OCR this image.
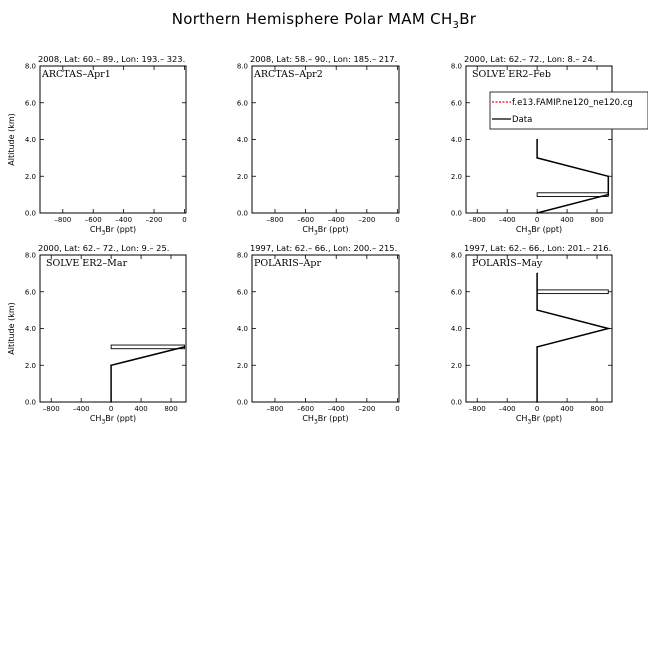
Northern Hemisphere Polar MAM $CH_3Br$
2008, Lat: 60.– 89., Lon: 193.– 323.
0.0
2.0
4.0
6.0
8.0
–800 –600 –400 –200	0
$CH_3Br$ (ppt)
Altitude (km)
ARCTAS–Apr1
2008, Lat: 58.– 90., Lon: 185.– 217.
0.0
2.0
4.0
6.0
8.0
–800 –600 –400 –200	0
$CH_3Br$ (ppt)
ARCTAS–Apr2
2000, Lat: 62.– 72., Lon: 8.– 24.
0.0
2.0
4.0
6.0
8.0
–800 –400	0	400 800
$CH_3Br$ (ppt)
SOLVE ER2–Feb
f.e13.FAMIP.ne120_ne120.cg
Data
2000, Lat: 62.– 72., Lon: 9.– 25.
0.0
2.0
4.0
6.0
8.0
–800 –400	0	400 800
$CH_3Br$ (ppt)
Altitude (km)
SOLVE ER2–Mar
1997, Lat: 62.– 66., Lon: 200.– 215.
0.0
2.0
4.0
6.0
8.0
–800 –600 –400 –200	0
$CH_3Br$ (ppt)
POLARIS–Apr
1997, Lat: 62.– 66., Lon: 201.– 216.
0.0
2.0
4.0
6.0
8.0
–800 –400	0	400 800
$CH_3Br$ (ppt)
POLARIS–May
